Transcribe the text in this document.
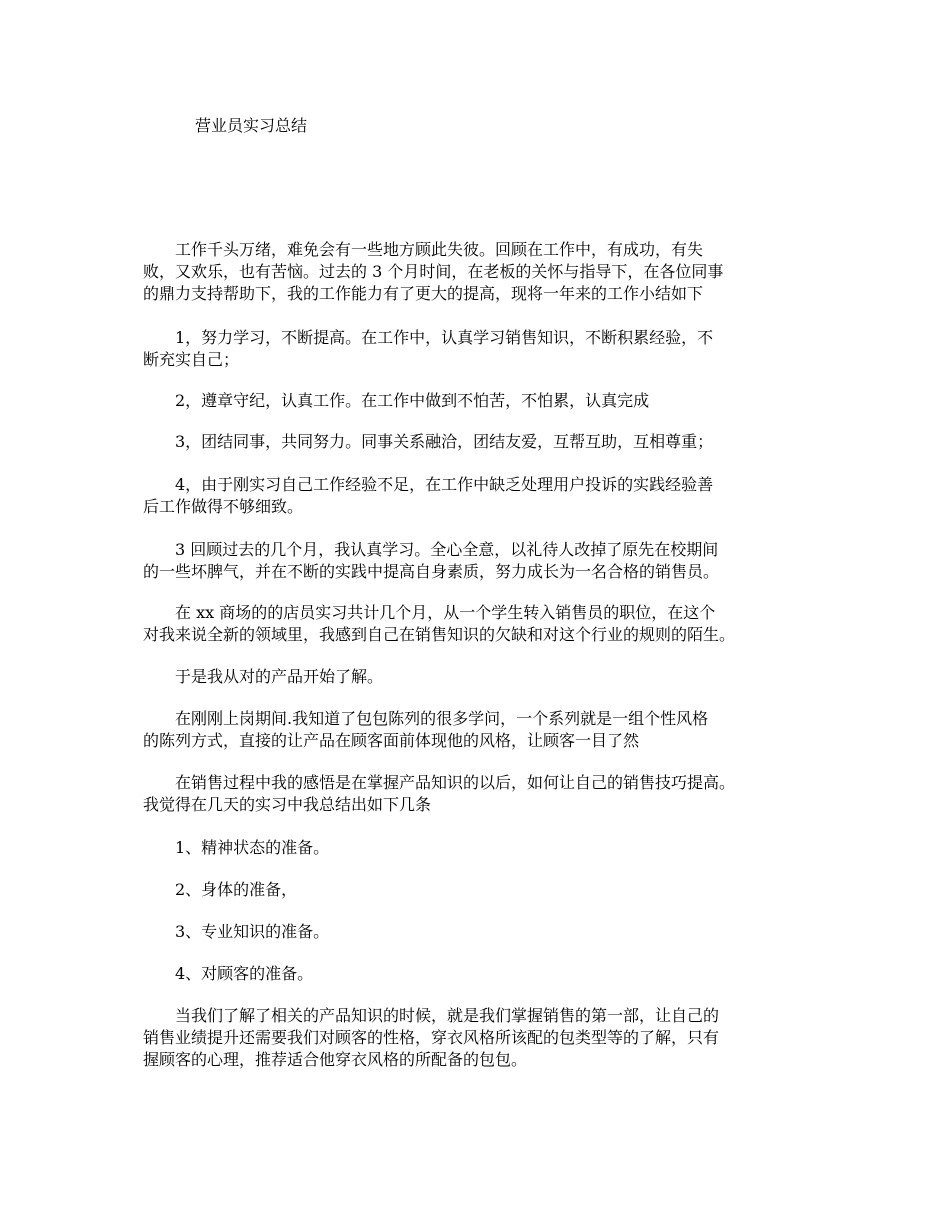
营业员实习总结
工作千头万绪，难免会有一些地方顾此失彼。回顾在工作中，有成功，有失
败，又欢乐，也有苦恼。过去的 3 个月时间，在老板的关怀与指导下，在各位同事
的鼎力支持帮助下，我的工作能力有了更大的提高，现将一年来的工作小结如下
1，努力学习，不断提高。在工作中，认真学习销售知识，不断积累经验，不
断充实自己；
2，遵章守纪，认真工作。在工作中做到不怕苦，不怕累，认真完成
3，团结同事，共同努力。同事关系融洽，团结友爱，互帮互助，互相尊重；
4，由于刚实习自己工作经验不足，在工作中缺乏处理用户投诉的实践经验善
后工作做得不够细致。
3 回顾过去的几个月，我认真学习。全心全意，以礼待人改掉了原先在校期间
的一些坏脾气，并在不断的实践中提高自身素质，努力成长为一名合格的销售员。
在 xx 商场的的店员实习共计几个月，从一个学生转入销售员的职位，在这个
对我来说全新的领域里，我感到自己在销售知识的欠缺和对这个行业的规则的陌生。
于是我从对的产品开始了解。
在刚刚上岗期间.我知道了包包陈列的很多学问，一个系列就是一组个性风格
的陈列方式，直接的让产品在顾客面前体现他的风格，让顾客一目了然
在销售过程中我的感悟是在掌握产品知识的以后，如何让自己的销售技巧提高。
我觉得在几天的实习中我总结出如下几条
1、精神状态的准备。
2、身体的准备，
3、专业知识的准备。
4、对顾客的准备。
当我们了解了相关的产品知识的时候，就是我们掌握销售的第一部，让自己的
销售业绩提升还需要我们对顾客的性格，穿衣风格所该配的包类型等的了解，只有
握顾客的心理，推荐适合他穿衣风格的所配备的包包。
